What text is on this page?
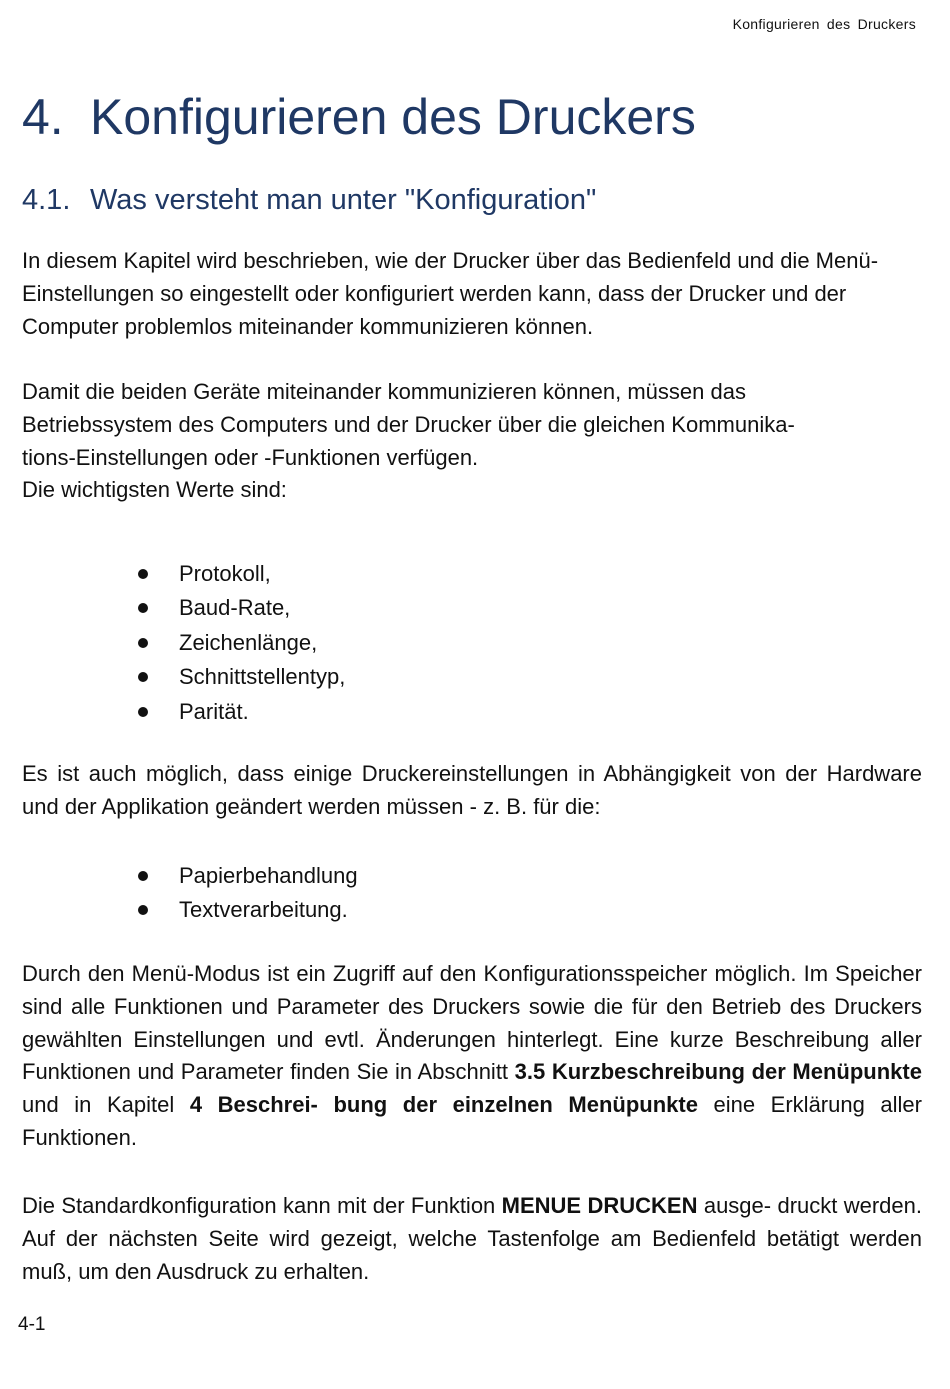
Konfigurieren des Druckers
4. Konfigurieren des Druckers
4.1. Was versteht man unter "Konfiguration"

In diesem Kapitel wird beschrieben, wie der Drucker über das Bedienfeld und die Menü-Einstellungen so eingestellt oder konfiguriert werden kann, dass der Drucker und der Computer problemlos miteinander kommunizieren können.

Damit die beiden Geräte miteinander kommunizieren können, müssen das
Betriebssystem des Computers und der Drucker über die gleichen Kommunika-
tions-Einstellungen oder -Funktionen verfügen.
Die wichtigsten Werte sind:
Protokoll,
Baud-Rate,
Zeichenlänge,
Schnittstellentyp,
Parität.

Es ist auch möglich, dass einige Druckereinstellungen in Abhängigkeit von der Hardware und der Applikation geändert werden müssen - z. B. für die:

Papierbehandlung
Textverarbeitung.

Durch den Menü-Modus ist ein Zugriff auf den Konfigurationsspeicher möglich. Im Speicher sind alle Funktionen und Parameter des Druckers sowie die für den Betrieb des Druckers gewählten Einstellungen und evtl. Änderungen hinterlegt. Eine kurze Beschreibung aller Funktionen und Parameter finden Sie in Abschnitt 3.5 Kurzbeschreibung der Menüpunkte und in Kapitel 4 Beschrei- bung der einzelnen Menüpunkte eine Erklärung aller Funktionen.

Die Standardkonfiguration kann mit der Funktion MENUE DRUCKEN ausge- druckt werden. Auf der nächsten Seite wird gezeigt, welche Tastenfolge am Bedienfeld betätigt werden muß, um den Ausdruck zu erhalten.

4-1
